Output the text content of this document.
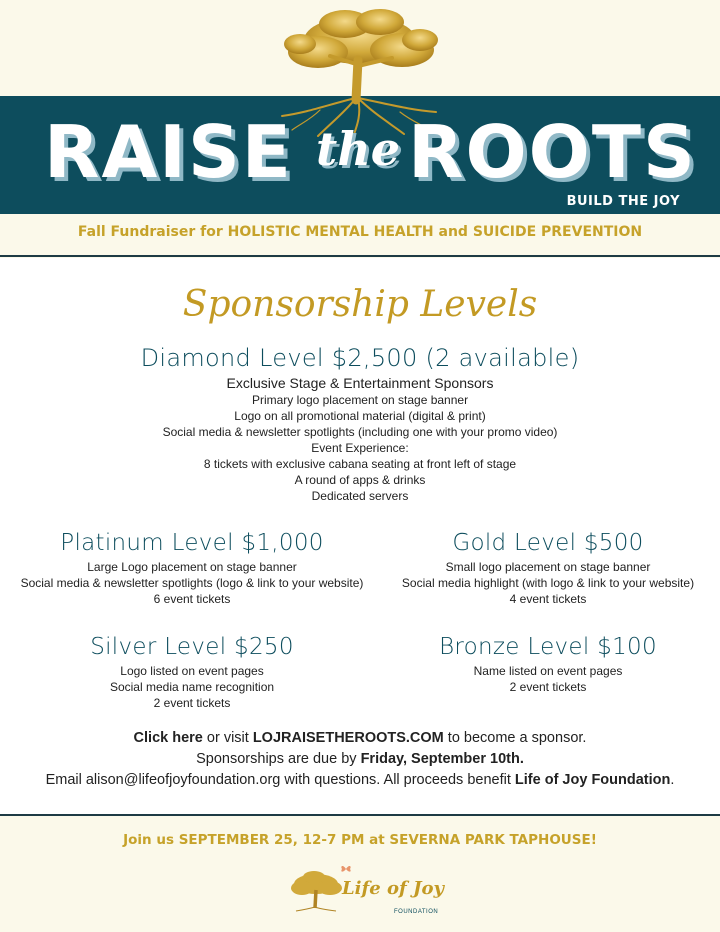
RAISE the ROOTS
BUILD THE JOY
Fall Fundraiser for HOLISTIC MENTAL HEALTH and SUICIDE PREVENTION
Sponsorship Levels
Diamond Level $2,500 (2 available)
Exclusive Stage & Entertainment Sponsors
Primary logo placement on stage banner
Logo on all promotional material (digital & print)
Social media & newsletter spotlights (including one with your promo video)
Event Experience:
8 tickets with exclusive cabana seating at front left of stage
A round of apps & drinks
Dedicated servers
Platinum Level $1,000
Large Logo placement on stage banner
Social media & newsletter spotlights (logo & link to your website)
6 event tickets
Gold Level $500
Small logo placement on stage banner
Social media highlight (with logo & link to your website)
4 event tickets
Silver Level $250
Logo listed on event pages
Social media name recognition
2 event tickets
Bronze Level $100
Name listed on event pages
2 event tickets
Click here or visit LOJRAISETHEROOTS.COM to become a sponsor.
Sponsorships are due by Friday, September 10th.
Email alison@lifeofjoyfoundation.org with questions. All proceeds benefit Life of Joy Foundation.
Join us SEPTEMBER 25, 12-7 PM at SEVERNA PARK TAPHOUSE!
Life of Joy
FOUNDATION
